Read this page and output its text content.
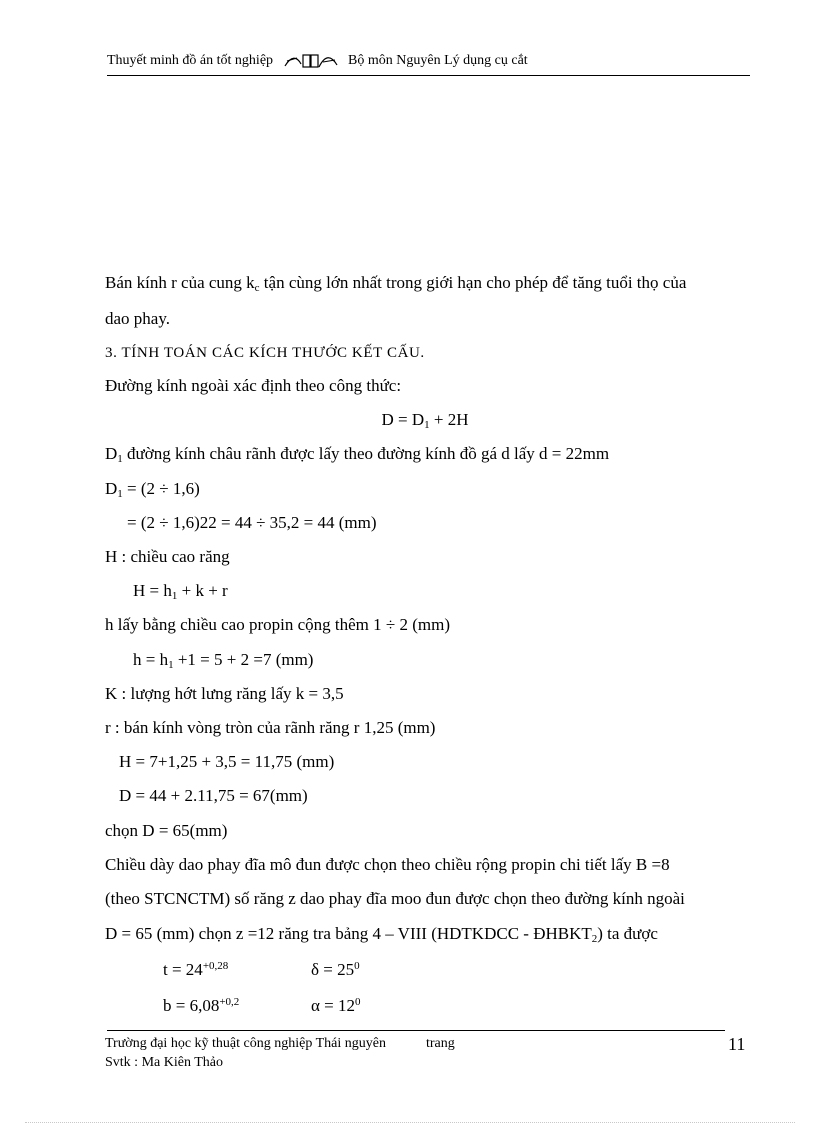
Thuyết minh đồ án tốt nghiệp	Bộ môn Nguyên Lý dụng cụ cắt
Bán kính r của cung $k_c$ tận cùng lớn nhất trong giới hạn cho phép để tăng tuổi thọ của
dao phay.
3. TÍNH TOÁN CÁC KÍCH THƯỚC KẾT CẤU.
Đường kính ngoài xác định theo công thức:
$D = D_1 + 2H$
$D_1$ đường kính châu rãnh được lấy theo đường kính đồ gá d lấy d = 22mm
$D_1 = (2 \div 1,6)$
= (2 ÷ 1,6)22 = 44 ÷ 35,2 = 44 (mm)
H : chiều cao răng
$H = h_1 + k + r$
h lấy bằng chiều cao propin cộng thêm 1 ÷ 2 (mm)
$h = h_1 +1 = 5 + 2 =7$ (mm)
K : lượng hớt lưng răng lấy k = 3,5
r : bán kính vòng tròn của rãnh răng r 1,25 (mm)
H = 7+1,25 + 3,5 = 11,75 (mm)
D = 44 + 2.11,75 = 67(mm)
chọn D = 65(mm)
Chiều dày dao phay đĩa mô đun được chọn theo chiều rộng propin chi tiết lấy B =8
(theo STCNCTM) số răng z dao phay đĩa moo đun được chọn theo đường kính ngoài
D = 65 (mm) chọn z =12 răng tra bảng 4 – VIII (HDTKDCC - $ĐHBKT_2$) ta được
$t = 24^{+0,28}$	$\delta = 25^0$
$b = 6,08^{+0,2}$	$\alpha = 12^0$
Trường đại học kỹ thuật công nghiệp Thái nguyên	trang	11
Svtk : Ma Kiên Thảo
